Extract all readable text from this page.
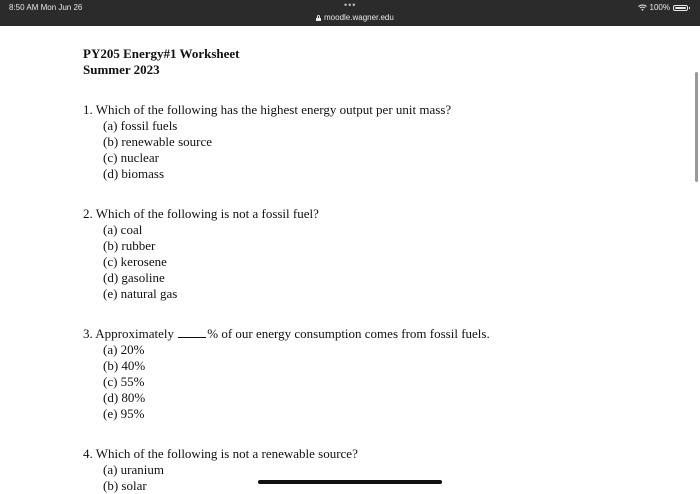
8:50 AM Mon Jun 26	•••
moodle.wagner.edu
100%
PY205 Energy#1 Worksheet
Summer 2023
1. Which of the following has the highest energy output per unit mass?
(a) fossil fuels
(b) renewable source
(c) nuclear
(d) biomass
2. Which of the following is not a fossil fuel?
(a) coal
(b) rubber
(c) kerosene
(d) gasoline
(e) natural gas
3. Approximately % of our energy consumption comes from fossil fuels.
(a) 20%
(b) 40%
(c) 55%
(d) 80%
(e) 95%
4. Which of the following is not a renewable source?
(a) uranium
(b) solar
